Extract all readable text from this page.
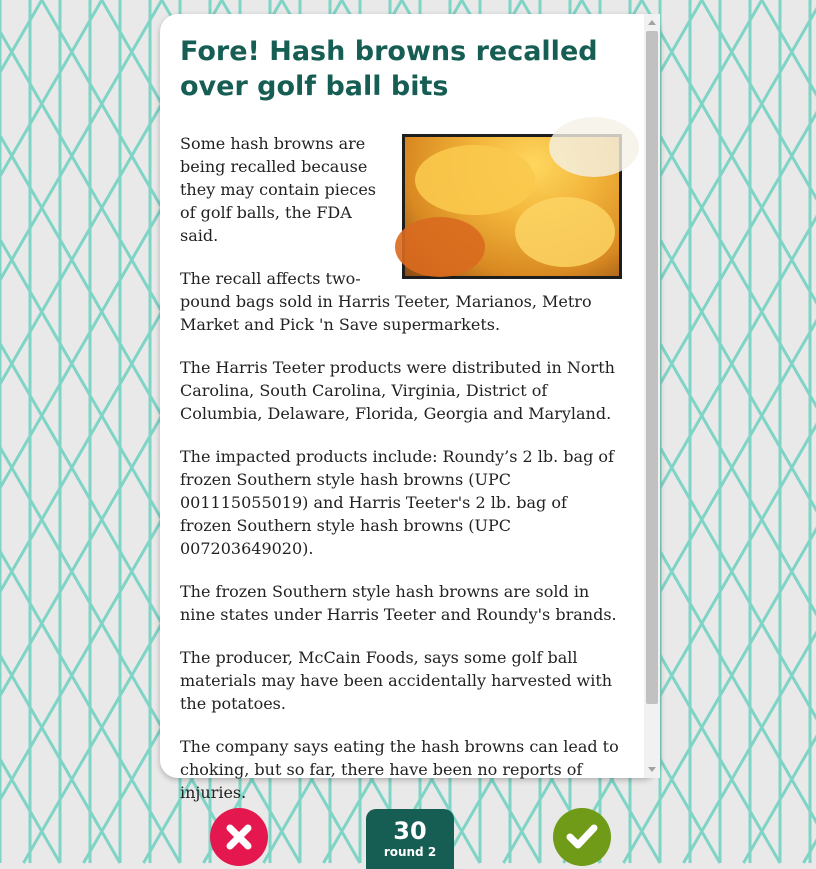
Fore! Hash browns recalled over golf ball bits

Some hash browns are being recalled because they may contain pieces of golf balls, the FDA said.

The recall affects two-pound bags sold in Harris Teeter, Marianos, Metro Market and Pick 'n Save supermarkets.

The Harris Teeter products were distributed in North Carolina, South Carolina, Virginia, District of Columbia, Delaware, Florida, Georgia and Maryland.

The impacted products include: Roundy’s 2 lb. bag of frozen Southern style hash browns (UPC 001115055019) and Harris Teeter's 2 lb. bag of frozen Southern style hash browns (UPC 007203649020).

The frozen Southern style hash browns are sold in nine states under Harris Teeter and Roundy's brands.

The producer, McCain Foods, says some golf ball materials may have been accidentally harvested with the potatoes.

The company says eating the hash browns can lead to choking, but so far, there have been no reports of injuries.

30
round 2
